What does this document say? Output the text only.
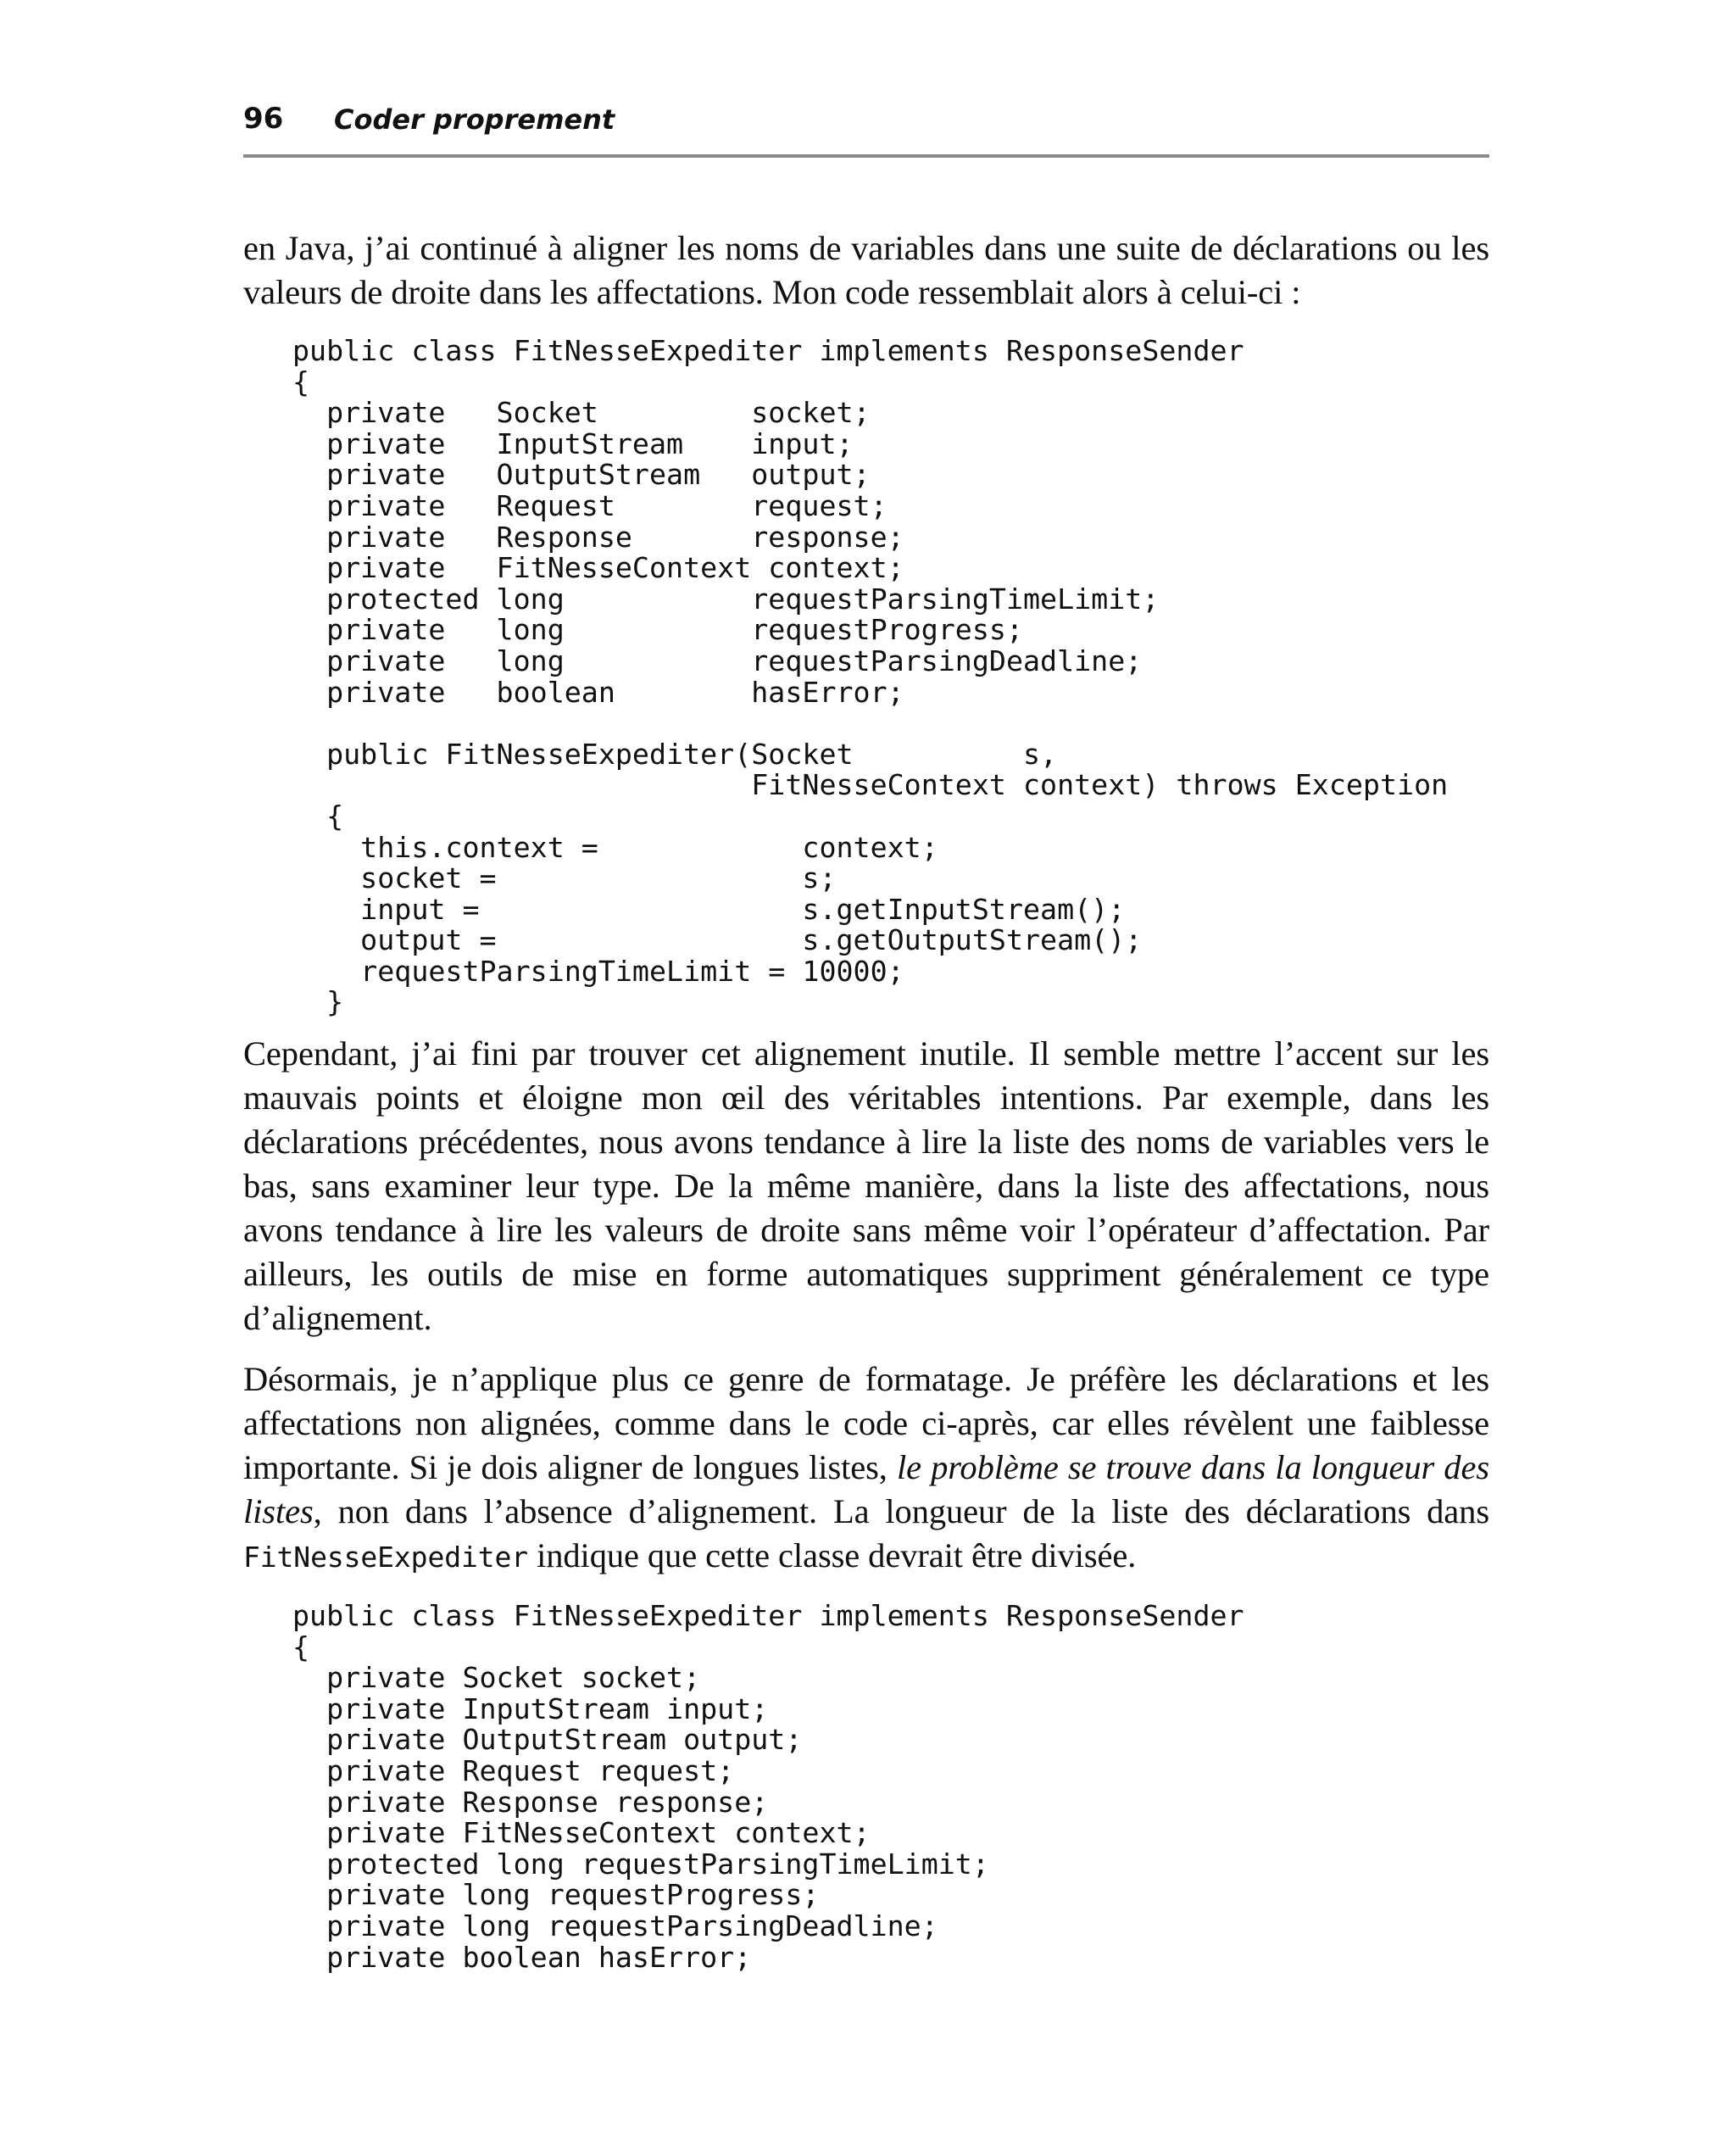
96 Coder proprement

en Java, j’ai continué à aligner les noms de variables dans une suite de déclarations ou les valeurs de droite dans les affectations. Mon code ressemblait alors à celui-ci :

public class FitNesseExpediter implements ResponseSender
{
private   Socket         socket;
private   InputStream    input;
private   OutputStream   output;
private   Request        request;
private   Response       response;
private   FitNesseContext context;
protected long           requestParsingTimeLimit;
private   long           requestProgress;
private   long           requestParsingDeadline;
private   boolean        hasError;

public FitNesseExpediter(Socket          s,
FitNesseContext context) throws Exception
{
this.context =            context;
socket =                  s;
input =                   s.getInputStream();
output =                  s.getOutputStream();
requestParsingTimeLimit = 10000;
}

Cependant, j’ai fini par trouver cet alignement inutile. Il semble mettre l’accent sur les mauvais points et éloigne mon œil des véritables intentions. Par exemple, dans les déclarations précédentes, nous avons tendance à lire la liste des noms de variables vers le bas, sans examiner leur type. De la même manière, dans la liste des affectations, nous avons tendance à lire les valeurs de droite sans même voir l’opérateur d’affectation. Par ailleurs, les outils de mise en forme automatiques suppriment généralement ce type d’alignement.

Désormais, je n’applique plus ce genre de formatage. Je préfère les déclarations et les affectations non alignées, comme dans le code ci-après, car elles révèlent une faiblesse importante. Si je dois aligner de longues listes, le problème se trouve dans la longueur des listes, non dans l’absence d’alignement. La longueur de la liste des déclarations dans FitNesseExpediter indique que cette classe devrait être divisée.

public class FitNesseExpediter implements ResponseSender
{
private Socket socket;
private InputStream input;
private OutputStream output;
private Request request;
private Response response;
private FitNesseContext context;
protected long requestParsingTimeLimit;
private long requestProgress;
private long requestParsingDeadline;
private boolean hasError;
